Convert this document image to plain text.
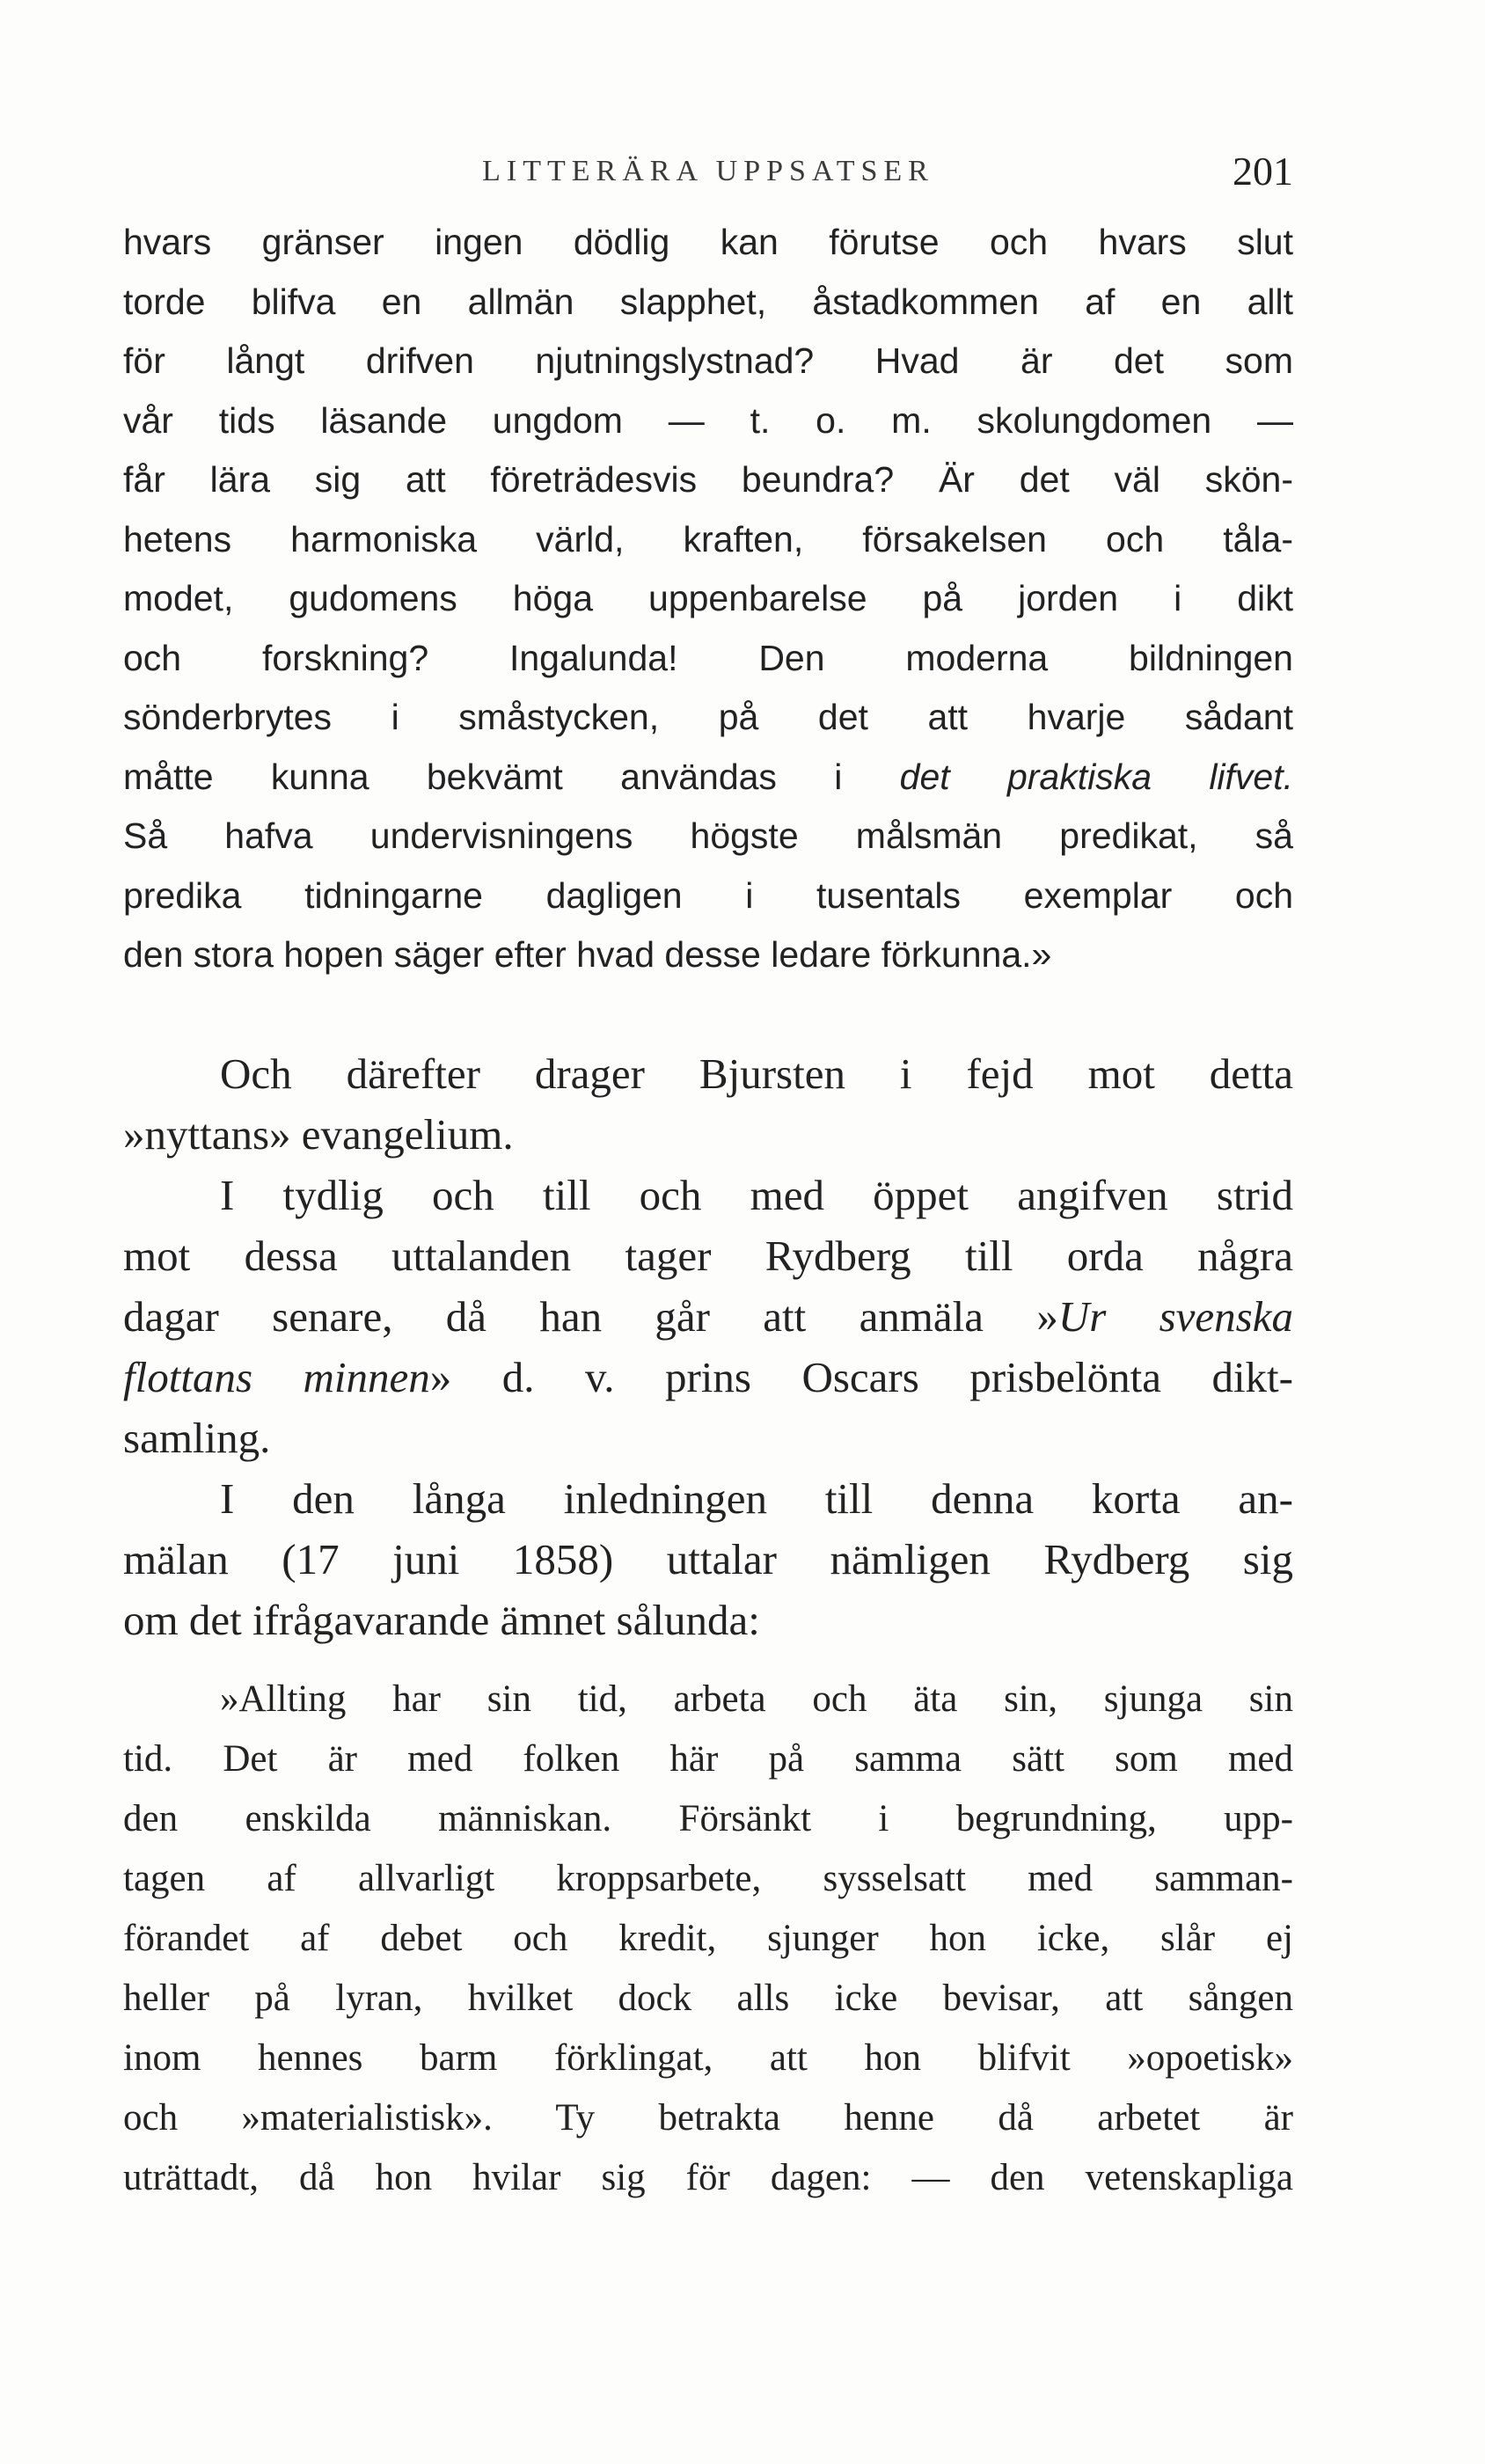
LITTERÄRA UPPSATSER	201
hvars gränser ingen dödlig kan förutse och hvars slut
torde blifva en allmän slapphet, åstadkommen af en allt
för långt drifven njutningslystnad? Hvad är det som
vår tids läsande ungdom — t. o. m. skolungdomen —
får lära sig att företrädesvis beundra? Är det väl skön-
hetens harmoniska värld, kraften, försakelsen och tåla-
modet, gudomens höga uppenbarelse på jorden i dikt
och forskning? Ingalunda! Den moderna bildningen
sönderbrytes i småstycken, på det att hvarje sådant
måtte kunna bekvämt användas i det praktiska lifvet.
Så hafva undervisningens högste målsmän predikat, så
predika tidningarne dagligen i tusentals exemplar och
den stora hopen säger efter hvad desse ledare förkunna.»
Och därefter drager Bjursten i fejd mot detta
»nyttans» evangelium.
I tydlig och till och med öppet angifven strid
mot dessa uttalanden tager Rydberg till orda några
dagar senare, då han går att anmäla »Ur svenska
flottans minnen» d. v. prins Oscars prisbelönta dikt-
samling.
I den långa inledningen till denna korta an-
mälan (17 juni 1858) uttalar nämligen Rydberg sig
om det ifrågavarande ämnet sålunda:
»Allting har sin tid, arbeta och äta sin, sjunga sin
tid. Det är med folken här på samma sätt som med
den enskilda människan. Försänkt i begrundning, upp-
tagen af allvarligt kroppsarbete, sysselsatt med samman-
förandet af debet och kredit, sjunger hon icke, slår ej
heller på lyran, hvilket dock alls icke bevisar, att sången
inom hennes barm förklingat, att hon blifvit »opoetisk»
och »materialistisk». Ty betrakta henne då arbetet är
uträttadt, då hon hvilar sig för dagen: — den vetenskapliga
